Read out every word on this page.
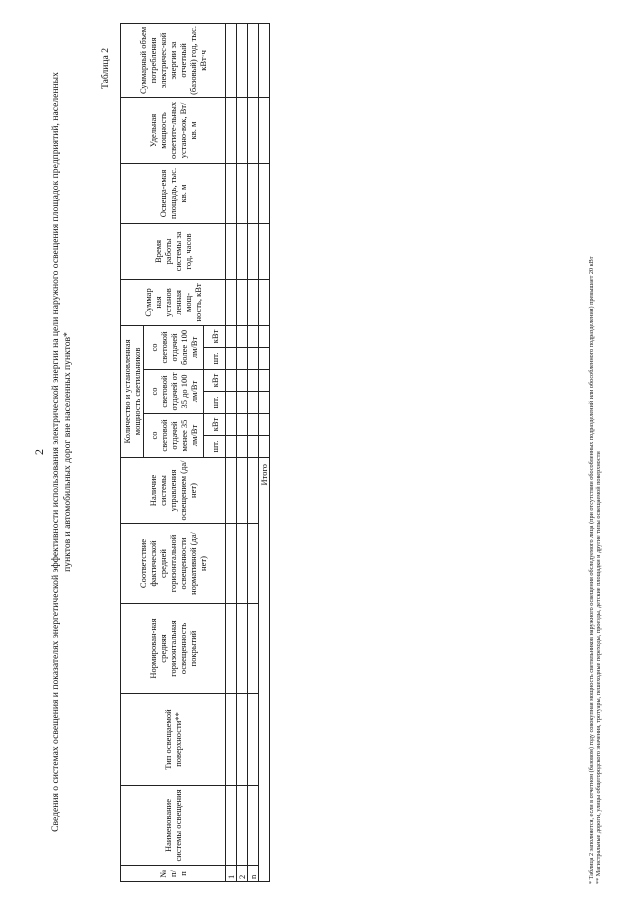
2 Сведения о системах освещения и показателях энергетической эффективности использования электрической энергии на цели наружного освещения площадок предприятий, населенных пунктов и автомобильных дорог вне населенных пунктов*
Таблица 2
№ п/п	Наименование системы освещения	Тип освещаемой поверхности**	Нормирован-ная средняя горизонтальная освещенность покрытий	Соответствие фактической средней горизонтальной освещенности нормативной (да/нет)	Наличие системы управления освещением (да/нет)	Количество и установленная мощность светильников						Суммар ная установ ленная мощ-ность, кВт	Время работы системы за год, часов	Освеща-емая площадь, тыс. кв. м	Удельная мощность осветите-льных устано-вок, Вт/кв. м	Суммарный объем потребления электричес-кой энергии за отчетный (базовый) год, тыс. кВт·ч
						со световой отдачей менее 35 лм/Вт		со световой отдачей от 35 до 100 лм/Вт		со световой отдачей более 100 лм/Вт						
						шт.	кВт	шт.	кВт	шт.	кВт					
1																
2																
n																
Итого																	* Таблица 2 заполняется, если в отчетном (базовом) году совокупная мощность светильников наружного освещения обследуемого лица (при отсутствии обособленных подразделений или обособленного подразделения) превышает 20 кВт ** Магистральные дороги, улицы общегородского значения, тротуары, пешеходные переходы, проезды, детские площадки и другие типы освещаемой поверхности
